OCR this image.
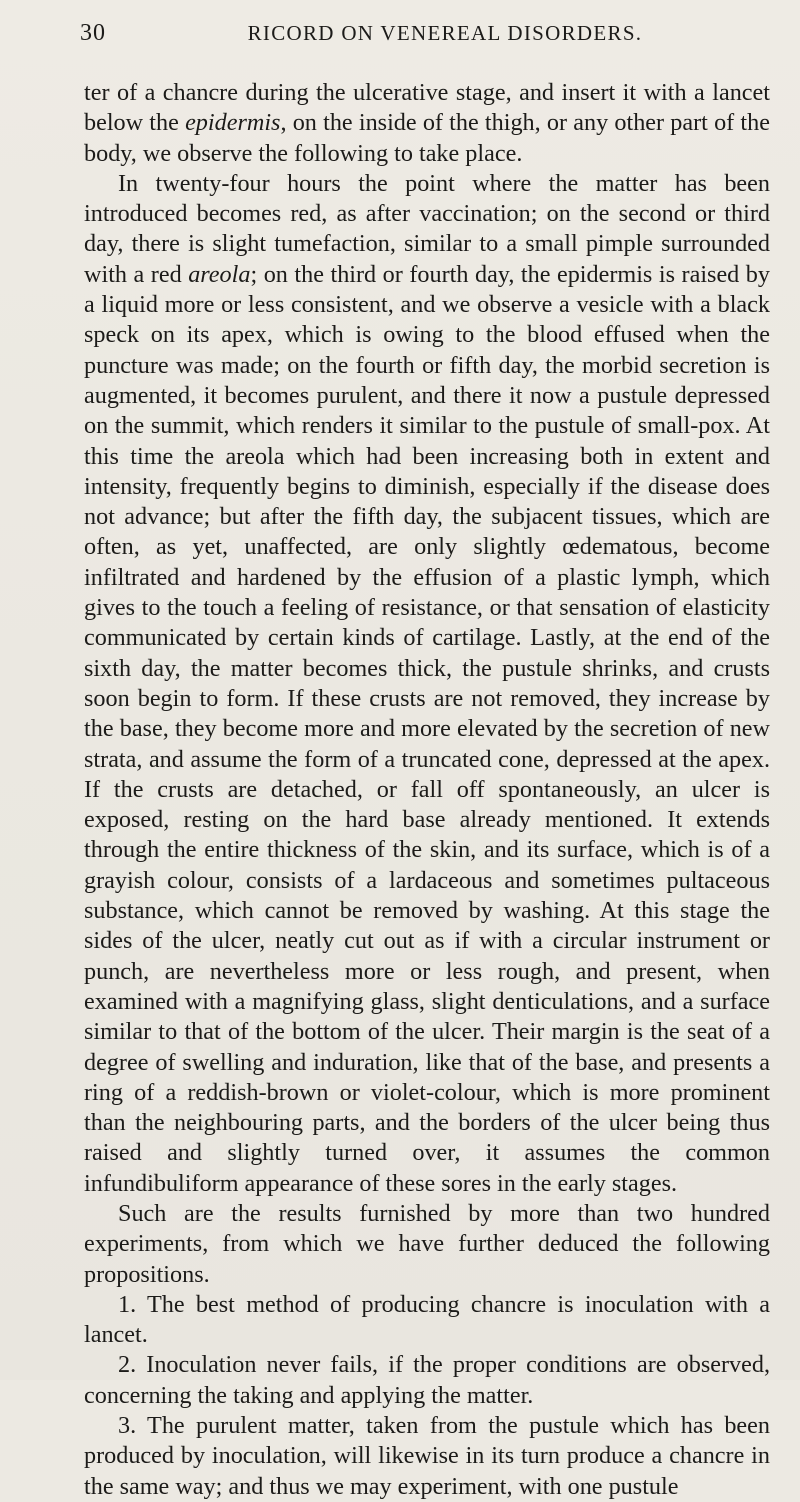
30	RICORD ON VENEREAL DISORDERS.

ter of a chancre during the ulcerative stage, and insert it with a lancet below the epidermis, on the inside of the thigh, or any other part of the body, we observe the following to take place.

In twenty-four hours the point where the matter has been introduced becomes red, as after vaccination; on the second or third day, there is slight tumefaction, similar to a small pimple surrounded with a red areola; on the third or fourth day, the epidermis is raised by a liquid more or less consistent, and we observe a vesicle with a black speck on its apex, which is owing to the blood effused when the puncture was made; on the fourth or fifth day, the morbid secretion is augmented, it becomes purulent, and there it now a pustule depressed on the summit, which renders it similar to the pustule of small-pox. At this time the areola which had been increasing both in extent and intensity, frequently begins to diminish, especially if the disease does not advance; but after the fifth day, the subjacent tissues, which are often, as yet, unaffected, are only slightly œdematous, become infiltrated and hardened by the effusion of a plastic lymph, which gives to the touch a feeling of resistance, or that sensation of elasticity communicated by certain kinds of cartilage. Lastly, at the end of the sixth day, the matter becomes thick, the pustule shrinks, and crusts soon begin to form. If these crusts are not removed, they increase by the base, they become more and more elevated by the secretion of new strata, and assume the form of a truncated cone, depressed at the apex. If the crusts are detached, or fall off spontaneously, an ulcer is exposed, resting on the hard base already mentioned. It extends through the entire thickness of the skin, and its surface, which is of a grayish colour, consists of a lardaceous and sometimes pultaceous substance, which cannot be removed by washing. At this stage the sides of the ulcer, neatly cut out as if with a circular instrument or punch, are nevertheless more or less rough, and present, when examined with a magnifying glass, slight denticulations, and a surface similar to that of the bottom of the ulcer. Their margin is the seat of a degree of swelling and induration, like that of the base, and presents a ring of a reddish-brown or violet-colour, which is more prominent than the neighbouring parts, and the borders of the ulcer being thus raised and slightly turned over, it assumes the common infundibuliform appearance of these sores in the early stages.

Such are the results furnished by more than two hundred experiments, from which we have further deduced the following propositions.

1. The best method of producing chancre is inoculation with a lancet.

2. Inoculation never fails, if the proper conditions are observed, concerning the taking and applying the matter.

3. The purulent matter, taken from the pustule which has been produced by inoculation, will likewise in its turn produce a chancre in the same way; and thus we may experiment, with one pustule
